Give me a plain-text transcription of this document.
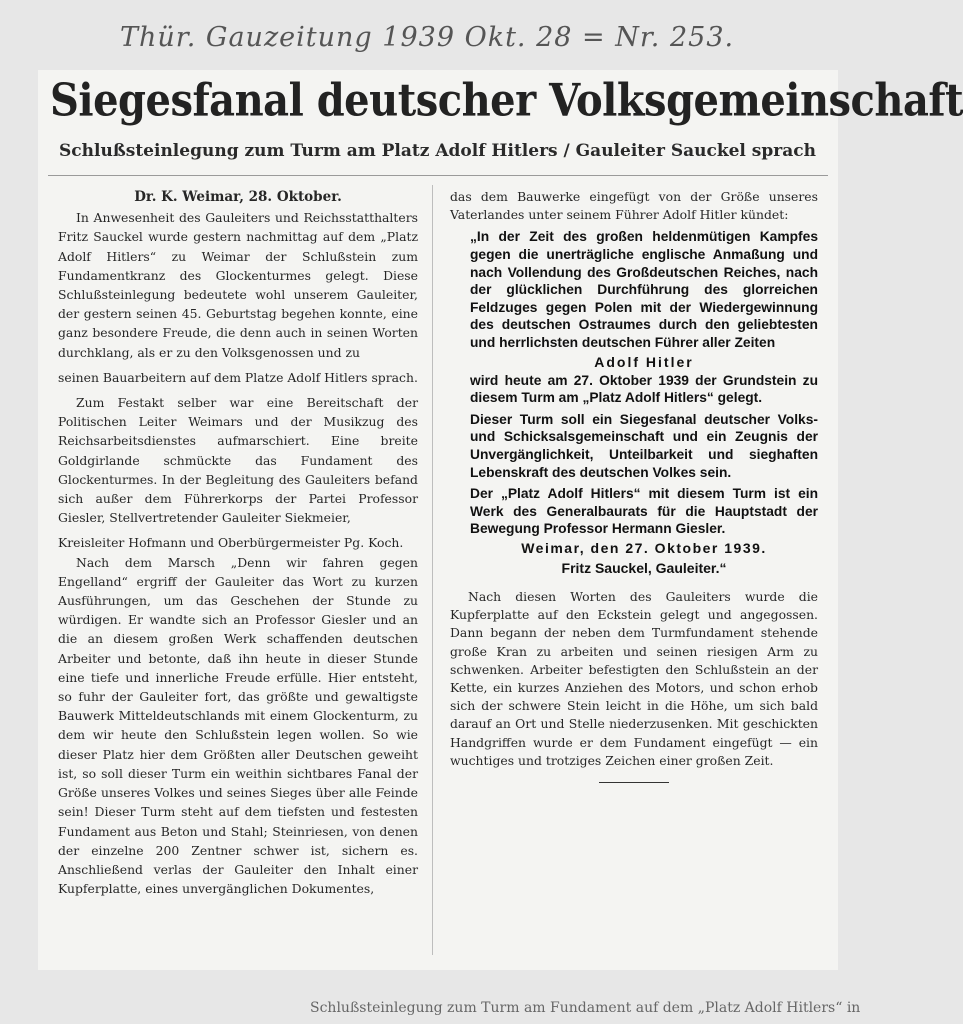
Thür. Gauzeitung 1939 Okt. 28 = Nr. 253.
Siegesfanal deutscher Volksgemeinschaft
Schlußsteinlegung zum Turm am Platz Adolf Hitlers / Gauleiter Sauckel sprach
Dr. K. Weimar, 28. Oktober.

In Anwesenheit des Gauleiters und Reichsstatthalters Fritz Sauckel wurde gestern nachmittag auf dem „Platz Adolf Hitlers“ zu Weimar der Schlußstein zum Fundamentkranz des Glockenturmes gelegt. Diese Schlußsteinlegung bedeutete wohl unserem Gauleiter, der gestern seinen 45. Geburtstag begehen konnte, eine ganz besondere Freude, die denn auch in seinen Worten durchklang, als er zu den Volksgenossen und zu

seinen Bauarbeitern auf dem Platze Adolf Hitlers sprach.

Zum Festakt selber war eine Bereitschaft der Politischen Leiter Weimars und der Musikzug des Reichsarbeitsdienstes aufmarschiert. Eine breite Goldgirlande schmückte das Fundament des Glockenturmes. In der Begleitung des Gauleiters befand sich außer dem Führerkorps der Partei Professor Giesler, Stellvertretender Gauleiter Siekmeier,

Kreisleiter Hofmann und Oberbürgermeister Pg. Koch.

Nach dem Marsch „Denn wir fahren gegen Engelland“ ergriff der Gauleiter das Wort zu kurzen Ausführungen, um das Geschehen der Stunde zu würdigen. Er wandte sich an Professor Giesler und an die an diesem großen Werk schaffenden deutschen Arbeiter und betonte, daß ihn heute in dieser Stunde eine tiefe und innerliche Freude erfülle. Hier entsteht, so fuhr der Gauleiter fort, das größte und gewaltigste Bauwerk Mitteldeutschlands mit einem Glockenturm, zu dem wir heute den Schlußstein legen wollen. So wie dieser Platz hier dem Größten aller Deutschen geweiht ist, so soll dieser Turm ein weithin sichtbares Fanal der Größe unseres Volkes und seines Sieges über alle Feinde sein! Dieser Turm steht auf dem tiefsten und festesten Fundament aus Beton und Stahl; Steinriesen, von denen der einzelne 200 Zentner schwer ist, sichern es. Anschließend verlas der Gauleiter den Inhalt einer Kupferplatte, eines unvergänglichen Dokumentes,

das dem Bauwerke eingefügt von der Größe unseres Vaterlandes unter seinem Führer Adolf Hitler kündet:

„In der Zeit des großen heldenmütigen Kampfes gegen die unerträgliche englische Anmaßung und nach Vollendung des Großdeutschen Reiches, nach der glücklichen Durchführung des glorreichen Feldzuges gegen Polen mit der Wiedergewinnung des deutschen Ostraumes durch den geliebtesten und herrlichsten deutschen Führer aller Zeiten

Adolf Hitler

wird heute am 27. Oktober 1939 der Grundstein zu diesem Turm am „Platz Adolf Hitlers“ gelegt.

Dieser Turm soll ein Siegesfanal deutscher Volks- und Schicksalsgemeinschaft und ein Zeugnis der Unvergänglichkeit, Unteilbarkeit und sieghaften Lebenskraft des deutschen Volkes sein.

Der „Platz Adolf Hitlers“ mit diesem Turm ist ein Werk des Generalbaurats für die Hauptstadt der Bewegung Professor Hermann Giesler.

Weimar, den 27. Oktober 1939.
Fritz Sauckel, Gauleiter.“

Nach diesen Worten des Gauleiters wurde die Kupferplatte auf den Eckstein gelegt und angegossen. Dann begann der neben dem Turmfundament stehende große Kran zu arbeiten und seinen riesigen Arm zu schwenken. Arbeiter befestigten den Schlußstein an der Kette, ein kurzes Anziehen des Motors, und schon erhob sich der schwere Stein leicht in die Höhe, um sich bald darauf an Ort und Stelle niederzusenken. Mit geschickten Handgriffen wurde er dem Fundament eingefügt — ein wuchtiges und trotziges Zeichen einer großen Zeit.

Schlußsteinlegung zum Turm am Fundament auf dem „Platz Adolf Hitlers“ in
